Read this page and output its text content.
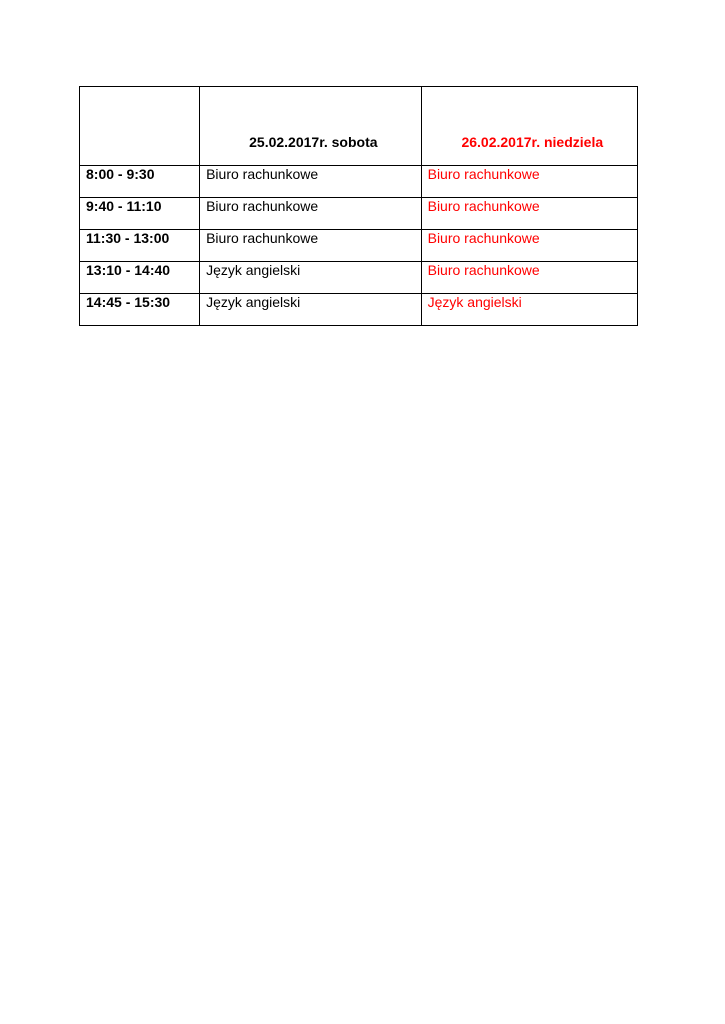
	25.02.2017r. sobota	26.02.2017r. niedziela
8:00 - 9:30	Biuro rachunkowe	Biuro rachunkowe
9:40 - 11:10	Biuro rachunkowe	Biuro rachunkowe
11:30 - 13:00	Biuro rachunkowe	Biuro rachunkowe
13:10 - 14:40	Język angielski	Biuro rachunkowe
14:45 - 15:30	Język angielski	Język angielski
